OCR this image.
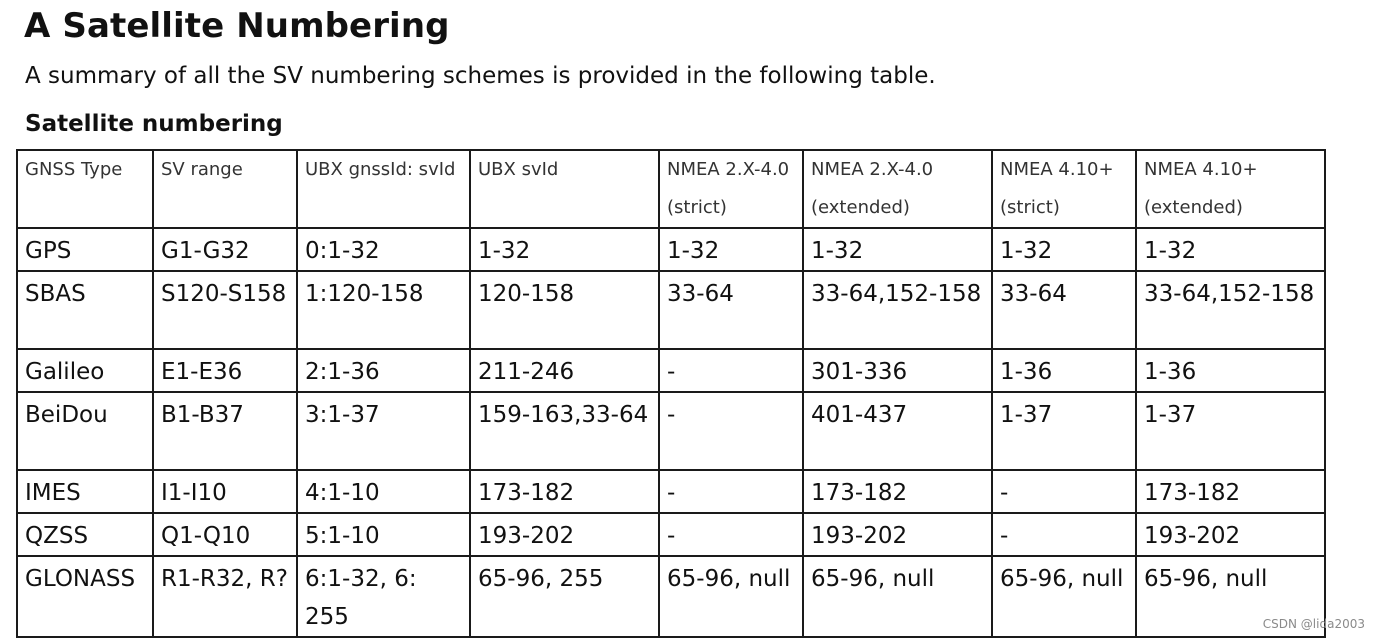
A Satellite Numbering

A summary of all the SV numbering schemes is provided in the following table.

Satellite numbering
GNSS Type	SV range	UBX gnssId: svId	UBX svId	NMEA 2.X-4.0 (strict)	NMEA 2.X-4.0 (extended)	NMEA 4.10+ (strict)	NMEA 4.10+ (extended)
GPS	G1-G32	0:1-32	1-32	1-32	1-32	1-32	1-32
SBAS	S120-S158	1:120-158	120-158	33-64	33-64,152-158	33-64	33-64,152-158
Galileo	E1-E36	2:1-36	211-246	-	301-336	1-36	1-36
BeiDou	B1-B37	3:1-37	159-163,33-64	-	401-437	1-37	1-37
IMES	I1-I10	4:1-10	173-182	-	173-182	-	173-182
QZSS	Q1-Q10	5:1-10	193-202	-	193-202	-	193-202
GLONASS	R1-R32, R?	6:1-32, 6: 255	65-96, 255	65-96, null	65-96, null	65-96, null	65-96, null
CSDN @lida2003
